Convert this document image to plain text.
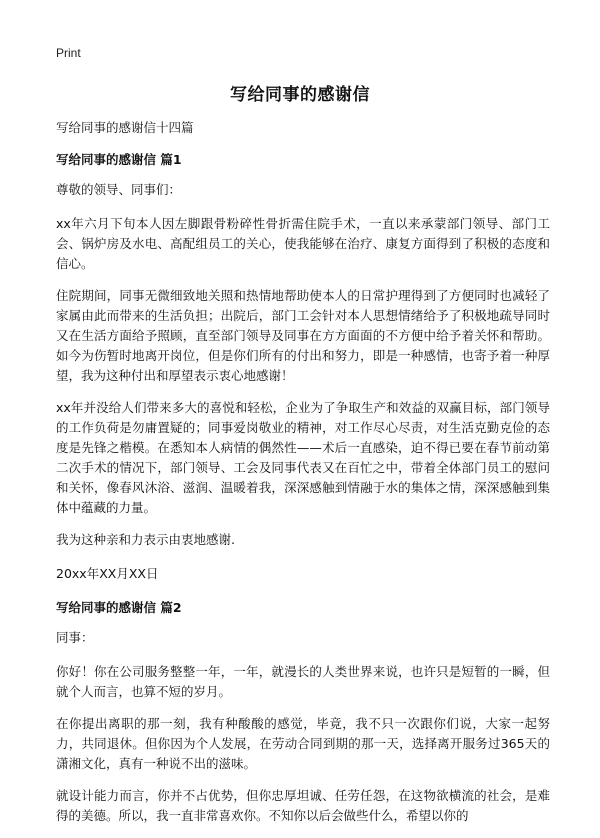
Print
写给同事的感谢信

写给同事的感谢信十四篇

写给同事的感谢信 篇1

尊敬的领导、同事们：

xx年六月下旬本人因左脚跟骨粉碎性骨折需住院手术，一直以来承蒙部门领导、部门工会、锅炉房及水电、高配组员工的关心，使我能够在治疗、康复方面得到了积极的态度和信心。

住院期间，同事无微细致地关照和热情地帮助使本人的日常护理得到了方便同时也减轻了家属由此而带来的生活负担；出院后，部门工会针对本人思想情绪给予了积极地疏导同时又在生活方面给予照顾，直至部门领导及同事在方方面面的不方便中给予着关怀和帮助。如今为伤暂时地离开岗位，但是你们所有的付出和努力，即是一种感情，也寄予着一种厚望，我为这种付出和厚望表示衷心地感谢！

xx年并没给人们带来多大的喜悦和轻松，企业为了争取生产和效益的双赢目标，部门领导的工作负荷是勿庸置疑的；同事爱岗敬业的精神，对工作尽心尽责，对生活克勤克俭的态度是先锋之楷模。在悉知本人病情的偶然性——术后一直感染，迫不得已要在春节前动第二次手术的情况下，部门领导、工会及同事代表又在百忙之中，带着全体部门员工的慰问和关怀，像春风沐浴、滋润、温暖着我，深深感触到情融于水的集体之情，深深感触到集体中蕴藏的力量。

我为这种亲和力表示由衷地感谢.

20xx年XX月XX日

写给同事的感谢信 篇2

同事：

你好！你在公司服务整整一年，一年，就漫长的人类世界来说，也许只是短暂的一瞬，但就个人而言，也算不短的岁月。

在你提出离职的那一刻，我有种酸酸的感觉，毕竟，我不只一次跟你们说，大家一起努力，共同退休。但你因为个人发展，在劳动合同到期的那一天，选择离开服务过365天的潇湘文化，真有一种说不出的滋味。

就设计能力而言，你并不占优势，但你忠厚坦诚、任劳任怨，在这物欲横流的社会，是难得的美德。所以，我一直非常喜欢你。不知你以后会做些什么，希望以你的
